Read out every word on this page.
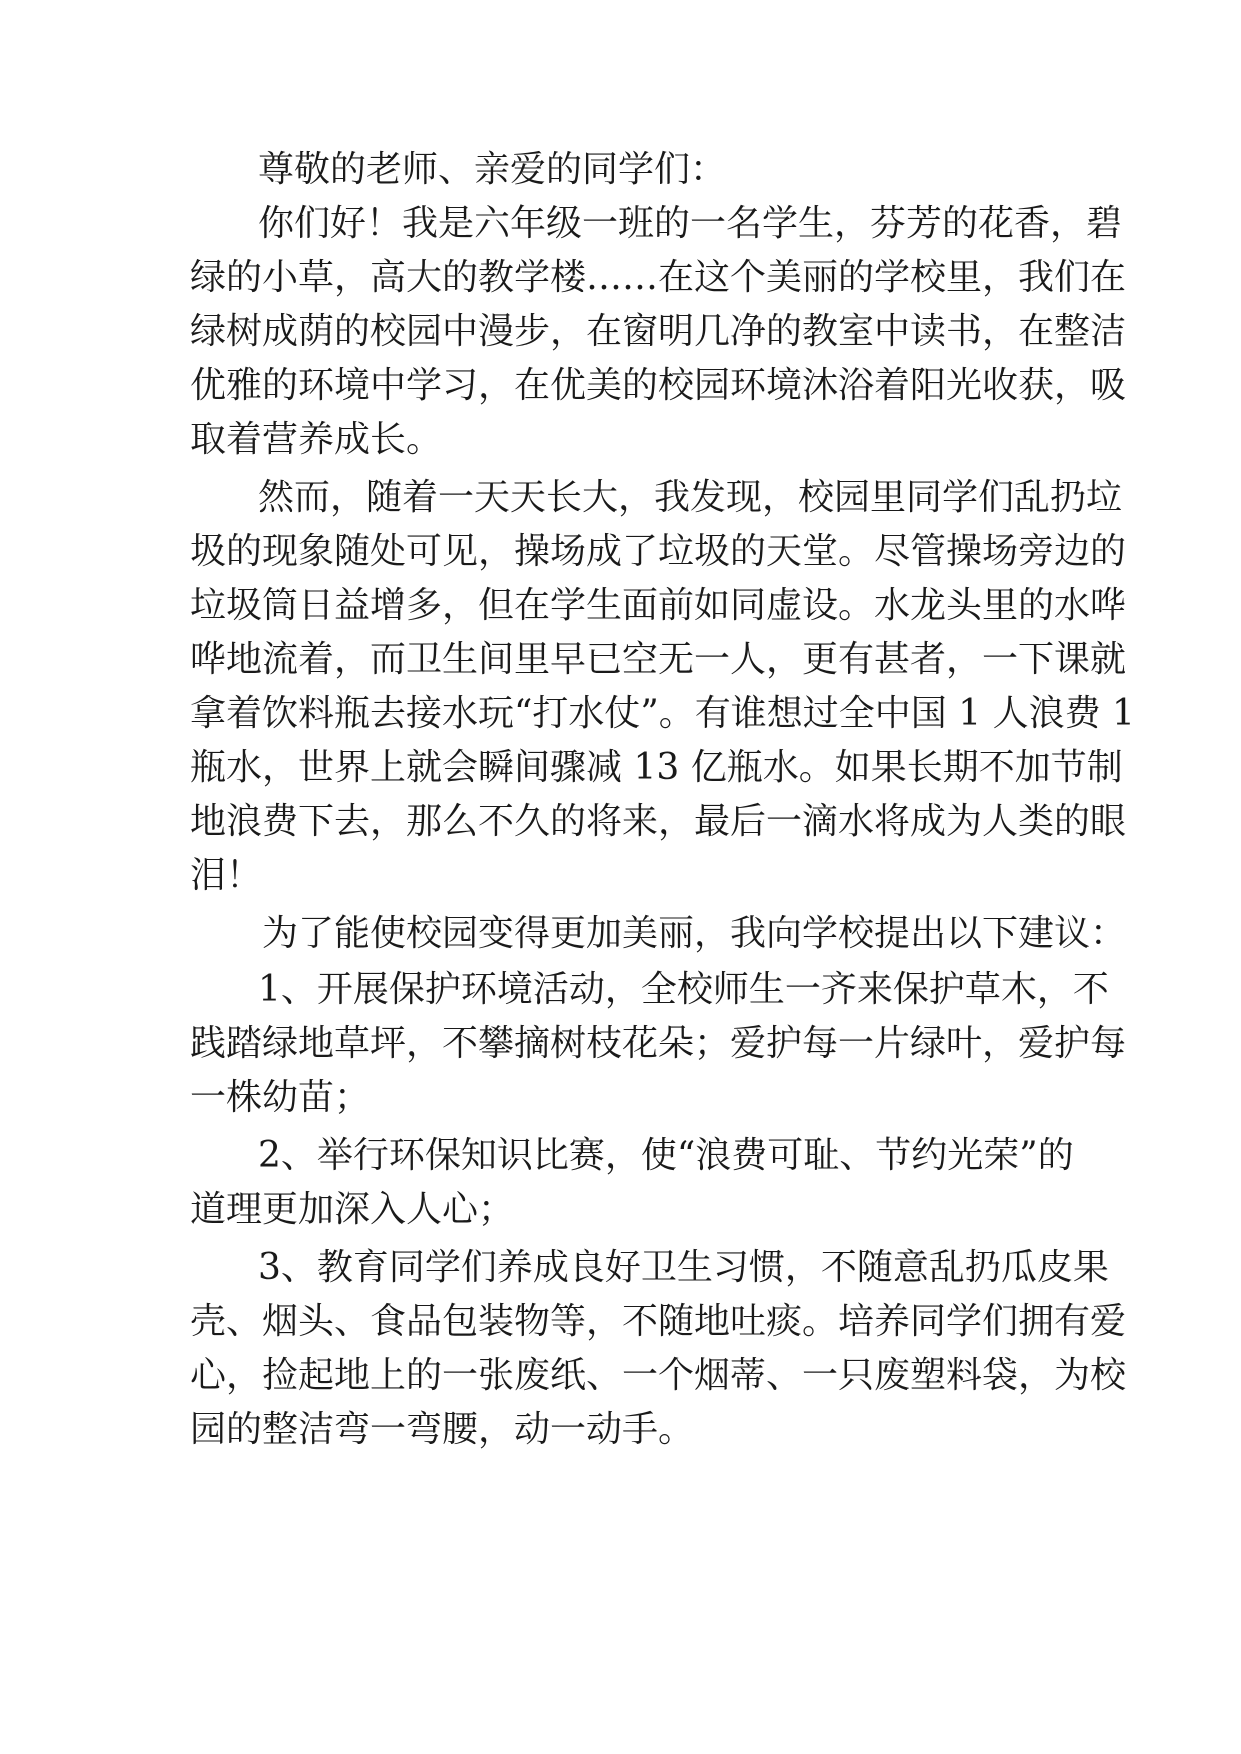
尊敬的老师、亲爱的同学们：
你们好！我是六年级一班的一名学生，芬芳的花香，碧
绿的小草，高大的教学楼……在这个美丽的学校里，我们在
绿树成荫的校园中漫步，在窗明几净的教室中读书，在整洁
优雅的环境中学习，在优美的校园环境沐浴着阳光收获，吸
取着营养成长。
然而，随着一天天长大，我发现，校园里同学们乱扔垃
圾的现象随处可见，操场成了垃圾的天堂。尽管操场旁边的
垃圾筒日益增多，但在学生面前如同虚设。水龙头里的水哗
哗地流着，而卫生间里早已空无一人，更有甚者，一下课就
拿着饮料瓶去接水玩“打水仗”。有谁想过全中国 1 人浪费 1
瓶水，世界上就会瞬间骤减 13 亿瓶水。如果长期不加节制
地浪费下去，那么不久的将来，最后一滴水将成为人类的眼
泪！
为了能使校园变得更加美丽，我向学校提出以下建议：
1、开展保护环境活动，全校师生一齐来保护草木，不
践踏绿地草坪，不攀摘树枝花朵；爱护每一片绿叶，爱护每
一株幼苗；
2、举行环保知识比赛，使“浪费可耻、节约光荣”的
道理更加深入人心；
3、教育同学们养成良好卫生习惯，不随意乱扔瓜皮果
壳、烟头、食品包装物等，不随地吐痰。培养同学们拥有爱
心，捡起地上的一张废纸、一个烟蒂、一只废塑料袋，为校
园的整洁弯一弯腰，动一动手。
